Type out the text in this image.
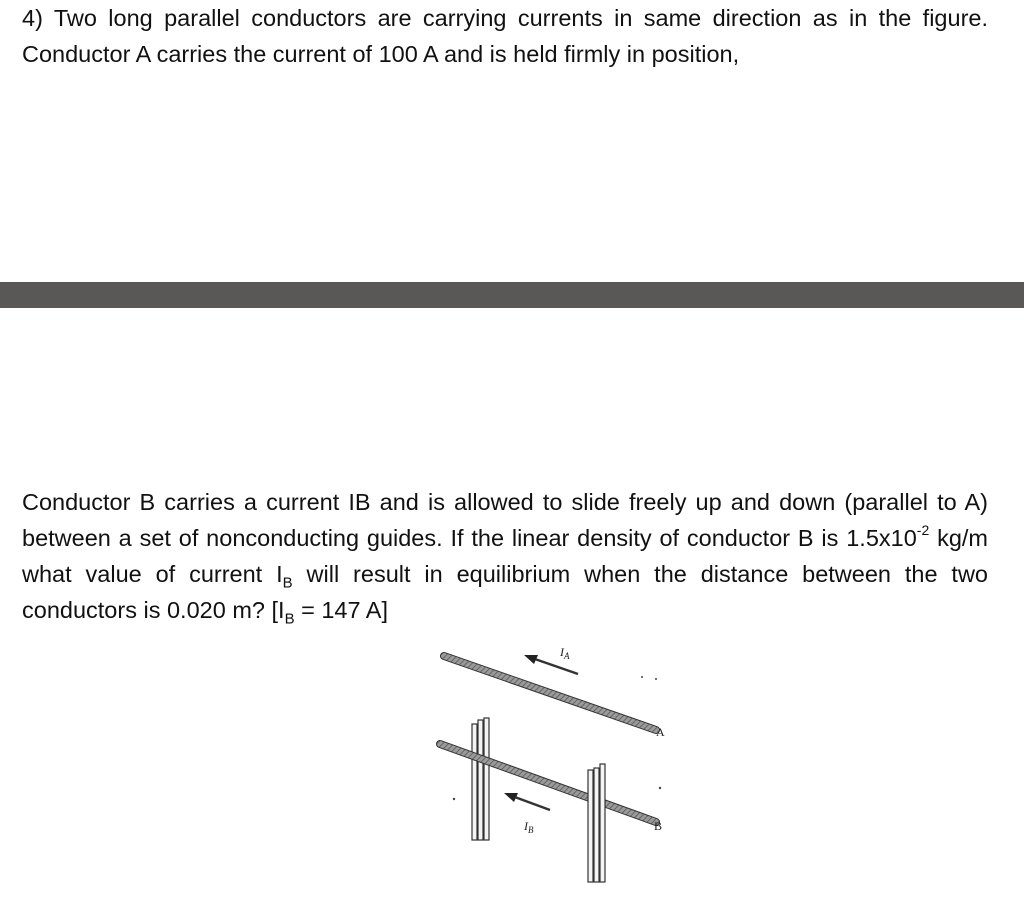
4) Two long parallel conductors are carrying currents in same direction as in the figure. Conductor A carries the current of 100 A and is held firmly in position,

Conductor B carries a current IB and is allowed to slide freely up and down (parallel to A) between a set of nonconducting guides. If the linear density of conductor B is $1.5x10^{-2}$ kg/m what value of current $I_B$ will result in equilibrium when the distance between the two conductors is 0.020 m? [$I_B = 147$ A]

$I_A$
A
$I_B$	B
